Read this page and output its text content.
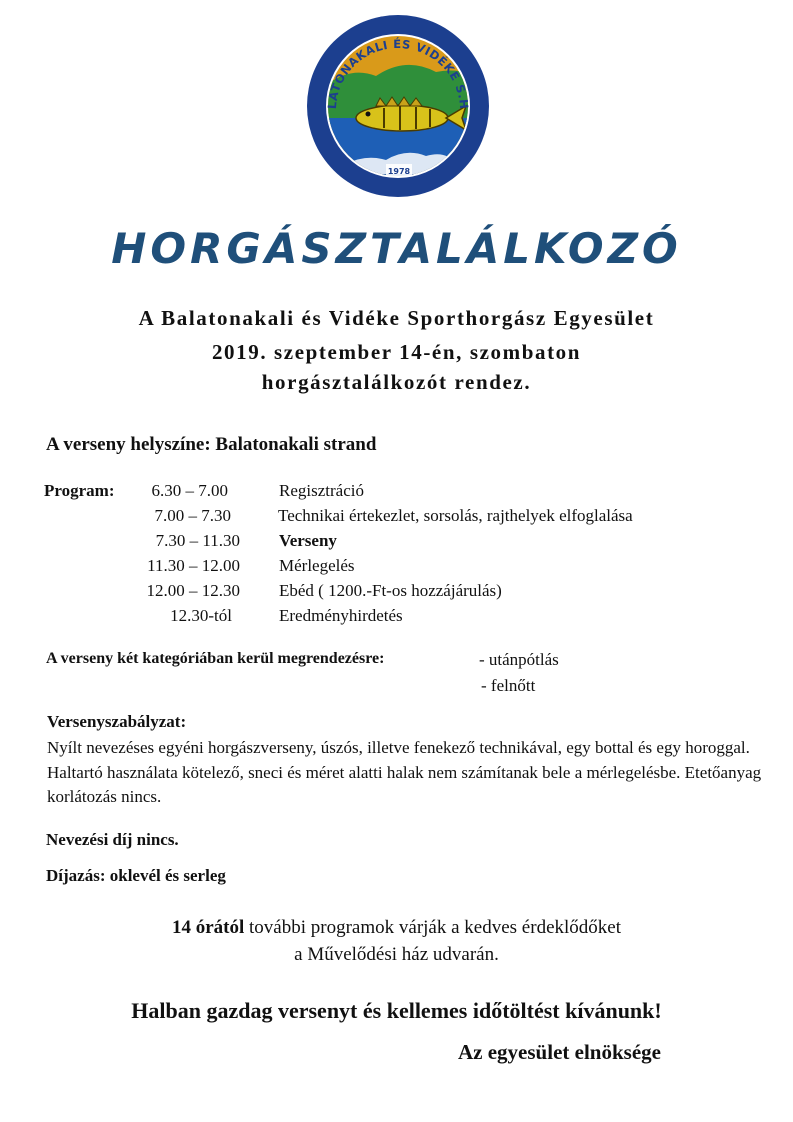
LATONAKALI ÉS VIDÉKE S.H
1978
HORGÁSZTALÁLKOZÓ
A Balatonakali és Vidéke Sporthorgász Egyesület
2019. szeptember 14-én, szombaton
horgásztalálkozót rendez.
A verseny helyszíne: Balatonakali strand
Program:	6.30 – 7.00	Regisztráció
7.00 – 7.30	Technikai értekezlet, sorsolás, rajthelyek elfoglalása
7.30 – 11.30 Verseny
11.30 – 12.00 Mérlegelés
12.00 – 12.30 Ebéd ( 1200.-Ft-os hozzájárulás)
12.30-tól	Eredményhirdetés
A verseny két kategóriában kerül megrendezésre:	- utánpótlás
- felnőtt
Versenyszabályzat:
Nyílt nevezéses egyéni horgászverseny, úszós, illetve fenekező technikával, egy bottal és egy horoggal. Haltartó használata kötelező, sneci és méret alatti halak nem számítanak bele a mérlegelésbe. Etetőanyag korlátozás nincs.
Nevezési díj nincs.
Díjazás: oklevél és serleg
14 órától további programok várják a kedves érdeklődőket
a Művelődési ház udvarán.
Halban gazdag versenyt és kellemes időtöltést kívánunk!
Az egyesület elnöksége
